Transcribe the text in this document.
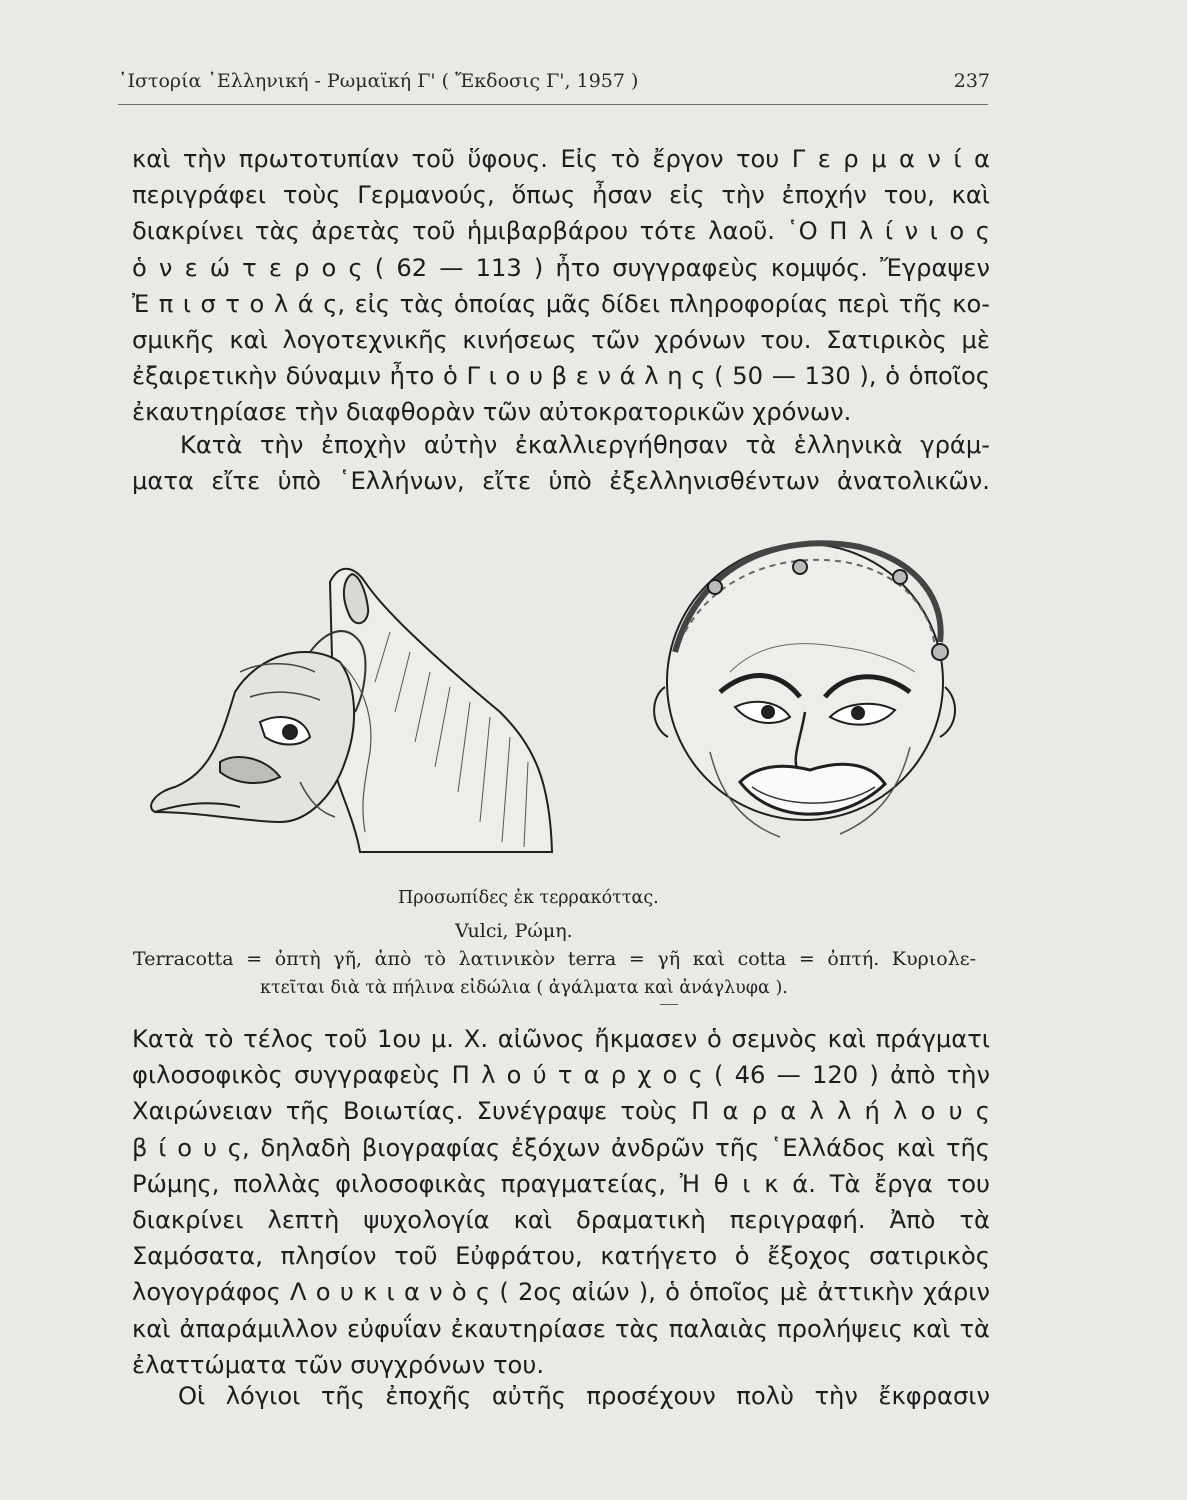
῾Ιστορία ῾Ελληνική - Ρωμαϊκή Γ' ( Ἔκδοσις Γ', 1957 )	237
καὶ τὴν πρωτοτυπίαν τοῦ ὕφους. Εἰς τὸ ἔργον του Γ ε ρ μ α ν ί α
περιγράφει τοὺς Γερμανούς, ὅπως ἦσαν εἰς τὴν ἐποχήν του, καὶ
διακρίνει τὰς ἀρετὰς τοῦ ἡμιβαρβάρου τότε λαοῦ. ῾Ο Π λ ί ν ι ο ς
ὁ ν ε ώ τ ε ρ ο ς ( 62 — 113 ) ἦτο συγγραφεὺς κομψός. Ἔγραψεν
Ἐ π ι σ τ ο λ ά ς, εἰς τὰς ὁποίας μᾶς δίδει πληροφορίας περὶ τῆς κο-
σμικῆς καὶ λογοτεχνικῆς κινήσεως τῶν χρόνων του. Σατιρικὸς μὲ
ἐξαιρετικὴν δύναμιν ἦτο ὁ Γ ι ο υ β ε ν ά λ η ς ( 50 — 130 ), ὁ ὁποῖος
ἐκαυτηρίασε τὴν διαφθορὰν τῶν αὐτοκρατορικῶν χρόνων.
Κατὰ τὴν ἐποχὴν αὐτὴν ἐκαλλιεργήθησαν τὰ ἑλληνικὰ γράμ-
ματα εἴτε ὑπὸ ῾Ελλήνων, εἴτε ὑπὸ ἐξελληνισθέντων ἀνατολικῶν.
Προσωπίδες ἐκ τερρακόττας.
Vulci, Ρώμη.
Terracotta = ὀπτὴ γῆ, ἀπὸ τὸ λατινικὸν terra = γῆ καὶ cotta = ὀπτή. Κυριολε-
κτεῖται διὰ τὰ πήλινα εἰδώλια ( ἀγάλματα καὶ ἀνάγλυφα ).
Κατὰ τὸ τέλος τοῦ 1ου μ. Χ. αἰῶνος ἤκμασεν ὁ σεμνὸς καὶ πράγματι
φιλοσοφικὸς συγγραφεὺς Π λ ο ύ τ α ρ χ ο ς ( 46 — 120 ) ἀπὸ τὴν
Χαιρώνειαν τῆς Βοιωτίας. Συνέγραψε τοὺς Π α ρ α λ λ ή λ ο υ ς
β ί ο υ ς, δηλαδὴ βιογραφίας ἐξόχων ἀνδρῶν τῆς ῾Ελλάδος καὶ τῆς
Ρώμης, πολλὰς φιλοσοφικὰς πραγματείας, Ἠ θ ι κ ά. Τὰ ἔργα του
διακρίνει λεπτὴ ψυχολογία καὶ δραματικὴ περιγραφή. Ἀπὸ τὰ
Σαμόσατα, πλησίον τοῦ Εὐφράτου, κατήγετο ὁ ἔξοχος σατιρικὸς
λογογράφος Λ ο υ κ ι α ν ὸ ς ( 2ος αἰών ), ὁ ὁποῖος μὲ ἀττικὴν χάριν
καὶ ἀπαράμιλλον εὐφυΐαν ἐκαυτηρίασε τὰς παλαιὰς προλήψεις καὶ τὰ
ἐλαττώματα τῶν συγχρόνων του.
Οἱ λόγιοι τῆς ἐποχῆς αὐτῆς προσέχουν πολὺ τὴν ἔκφρασιν
